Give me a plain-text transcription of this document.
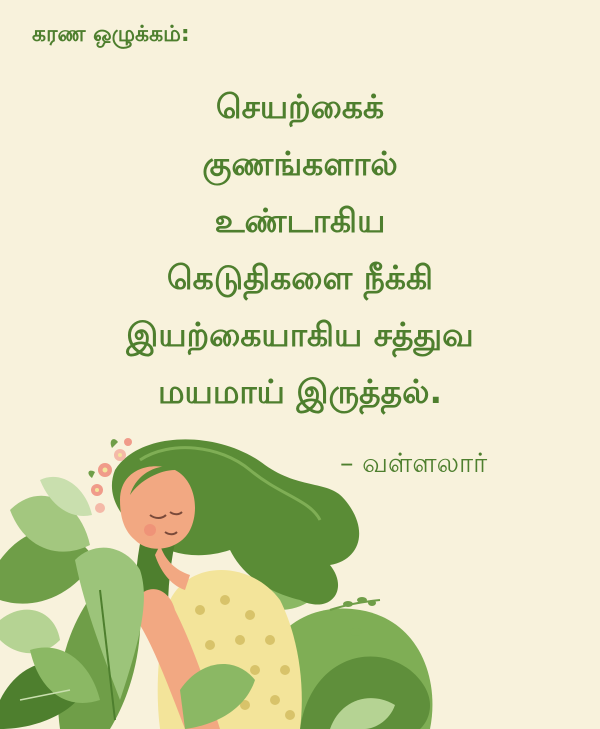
கரண ஒழுக்கம்:
செயற்கைக்
குணங்களால்
உண்டாகிய
கெடுதிகளை நீக்கி
இயற்கையாகிய சத்துவ
மயமாய் இருத்தல்.
– வள்ளலார்
